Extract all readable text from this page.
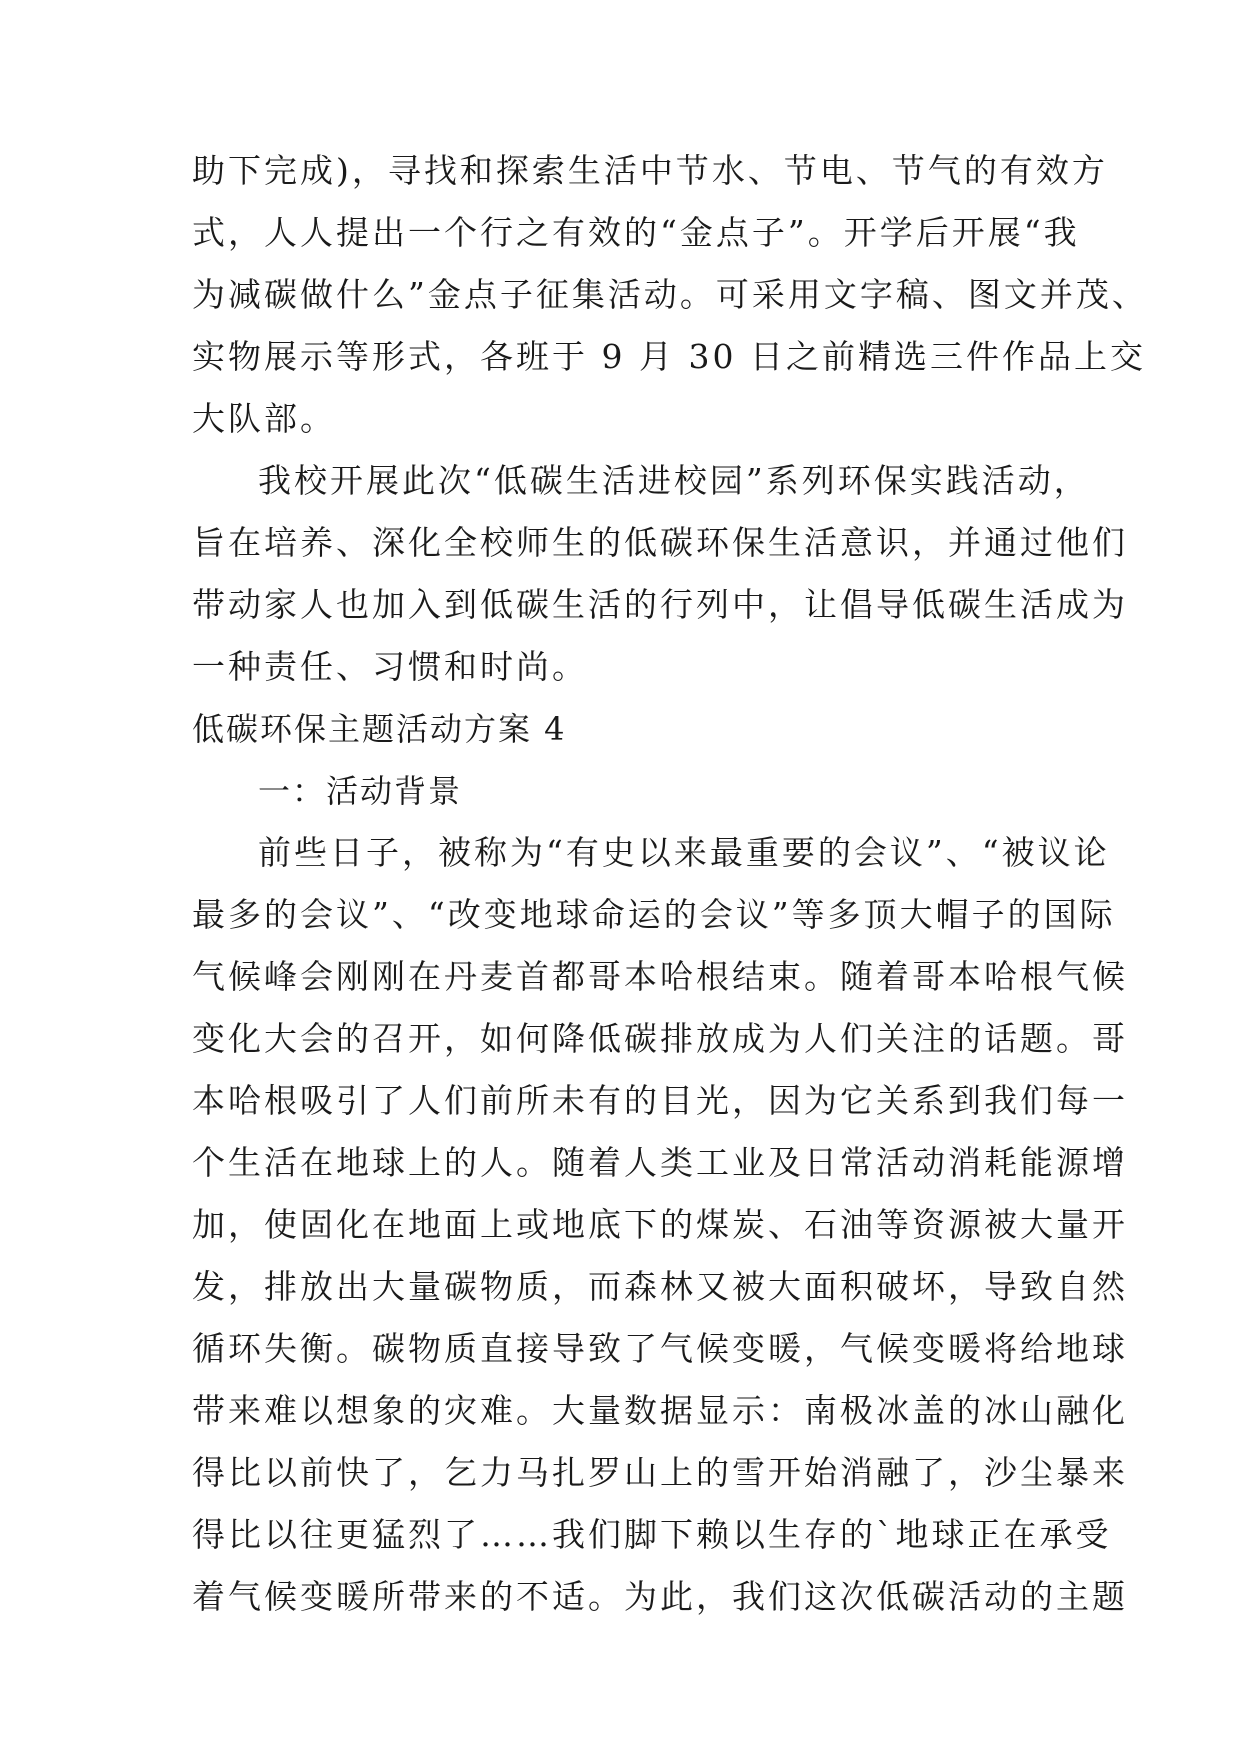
助下完成)，寻找和探索生活中节水、节电、节气的有效方
式，人人提出一个行之有效的“金点子”。开学后开展“我
为减碳做什么”金点子征集活动。可采用文字稿、图文并茂、
实物展示等形式，各班于 9 月 30 日之前精选三件作品上交
大队部。
我校开展此次“低碳生活进校园”系列环保实践活动，
旨在培养、深化全校师生的低碳环保生活意识，并通过他们
带动家人也加入到低碳生活的行列中，让倡导低碳生活成为
一种责任、习惯和时尚。
低碳环保主题活动方案 4
一：活动背景
前些日子，被称为“有史以来最重要的会议”、“被议论
最多的会议”、“改变地球命运的会议”等多顶大帽子的国际
气候峰会刚刚在丹麦首都哥本哈根结束。随着哥本哈根气候
变化大会的召开，如何降低碳排放成为人们关注的话题。哥
本哈根吸引了人们前所未有的目光，因为它关系到我们每一
个生活在地球上的人。随着人类工业及日常活动消耗能源增
加，使固化在地面上或地底下的煤炭、石油等资源被大量开
发，排放出大量碳物质，而森林又被大面积破坏，导致自然
循环失衡。碳物质直接导致了气候变暖，气候变暖将给地球
带来难以想象的灾难。大量数据显示：南极冰盖的冰山融化
得比以前快了，乞力马扎罗山上的雪开始消融了，沙尘暴来
得比以往更猛烈了……我们脚下赖以生存的`地球正在承受
着气候变暖所带来的不适。为此，我们这次低碳活动的主题
